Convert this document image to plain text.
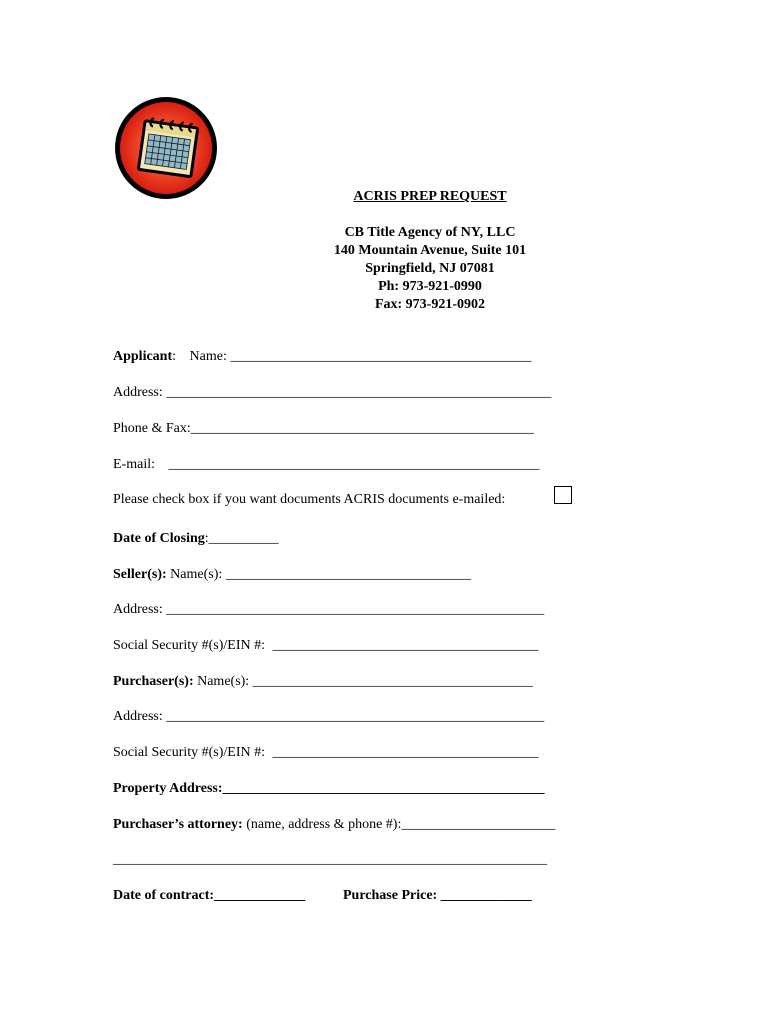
ACRIS PREP REQUEST
CB Title Agency of NY, LLC
140 Mountain Avenue, Suite 101
Springfield, NJ 07081
Ph: 973-921-0990
Fax: 973-921-0902
Applicant: Name: ___________________________________________
Address: _______________________________________________________
Phone & Fax:_________________________________________________
E-mail: _____________________________________________________
Please check box if you want documents ACRIS documents e-mailed:
Date of Closing:__________
Seller(s): Name(s): ___________________________________
Address: ______________________________________________________
Social Security #(s)/EIN #: ______________________________________
Purchaser(s): Name(s): ________________________________________
Address: ______________________________________________________
Social Security #(s)/EIN #: ______________________________________
Property Address:______________________________________________
Purchaser’s attorney: (name, address & phone #):______________________
______________________________________________________________
Date of contract:_____________	Purchase Price: _____________
